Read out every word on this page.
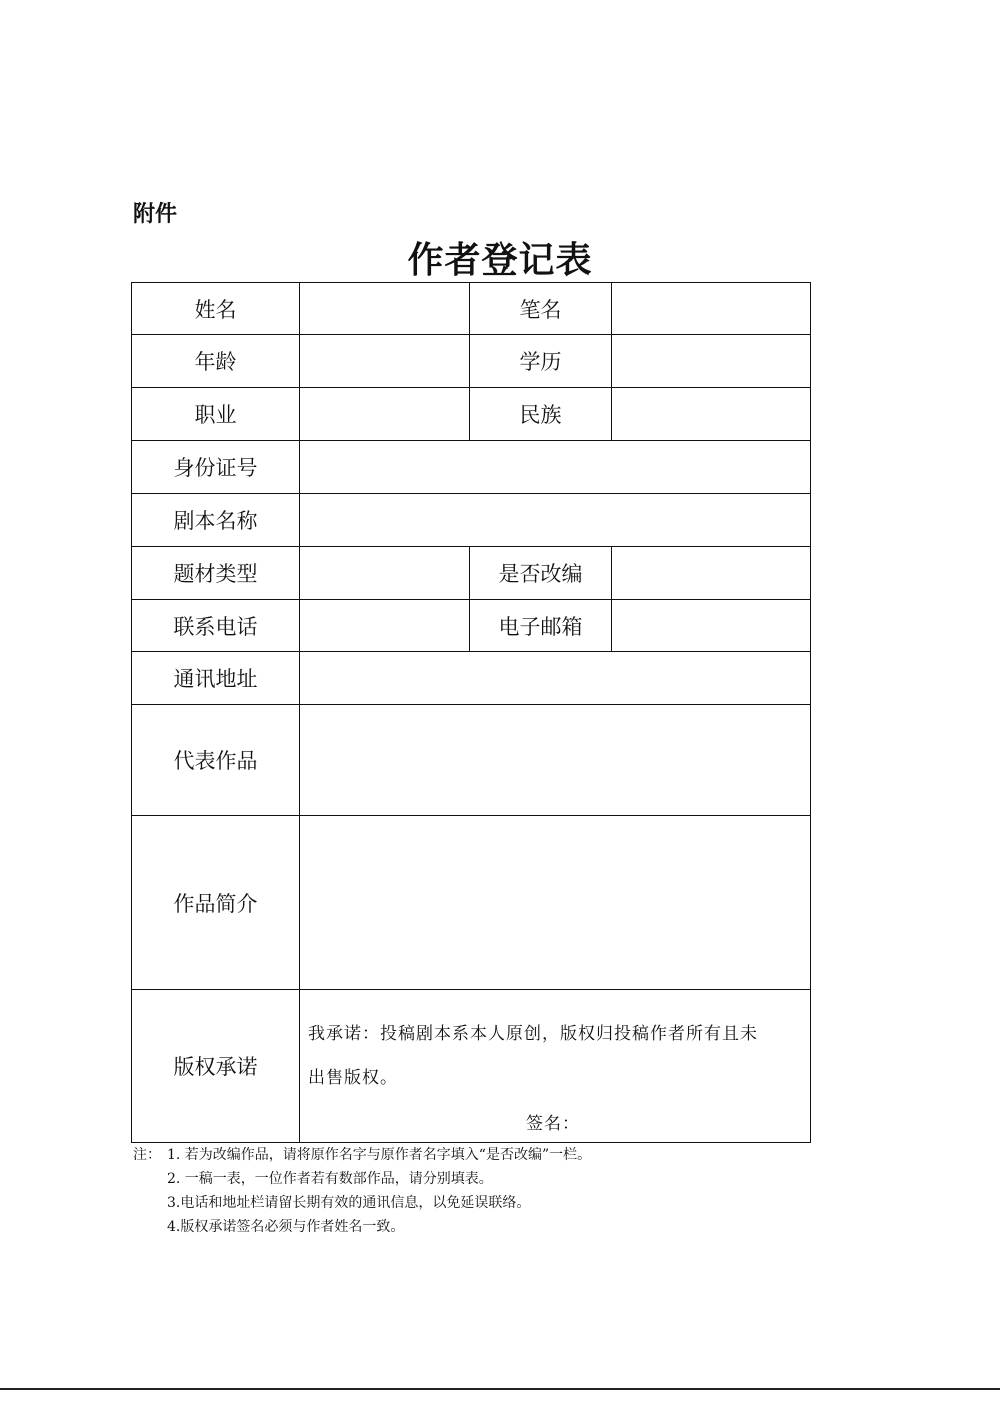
附件
作者登记表
姓名		笔名	
年龄		学历	
职业		民族	
身份证号			
剧本名称			
题材类型		是否改编	
联系电话		电子邮箱	
通讯地址			
代表作品			
作品简介			
版权承诺	我承诺：投稿剧本系本人原创，版权归投稿作者所有且未
出售版权。
签名：		
注： 1. 若为改编作品，请将原作名字与原作者名字填入“是否改编”一栏。
2. 一稿一表，一位作者若有数部作品，请分别填表。
3.电话和地址栏请留长期有效的通讯信息，以免延误联络。
4.版权承诺签名必须与作者姓名一致。
